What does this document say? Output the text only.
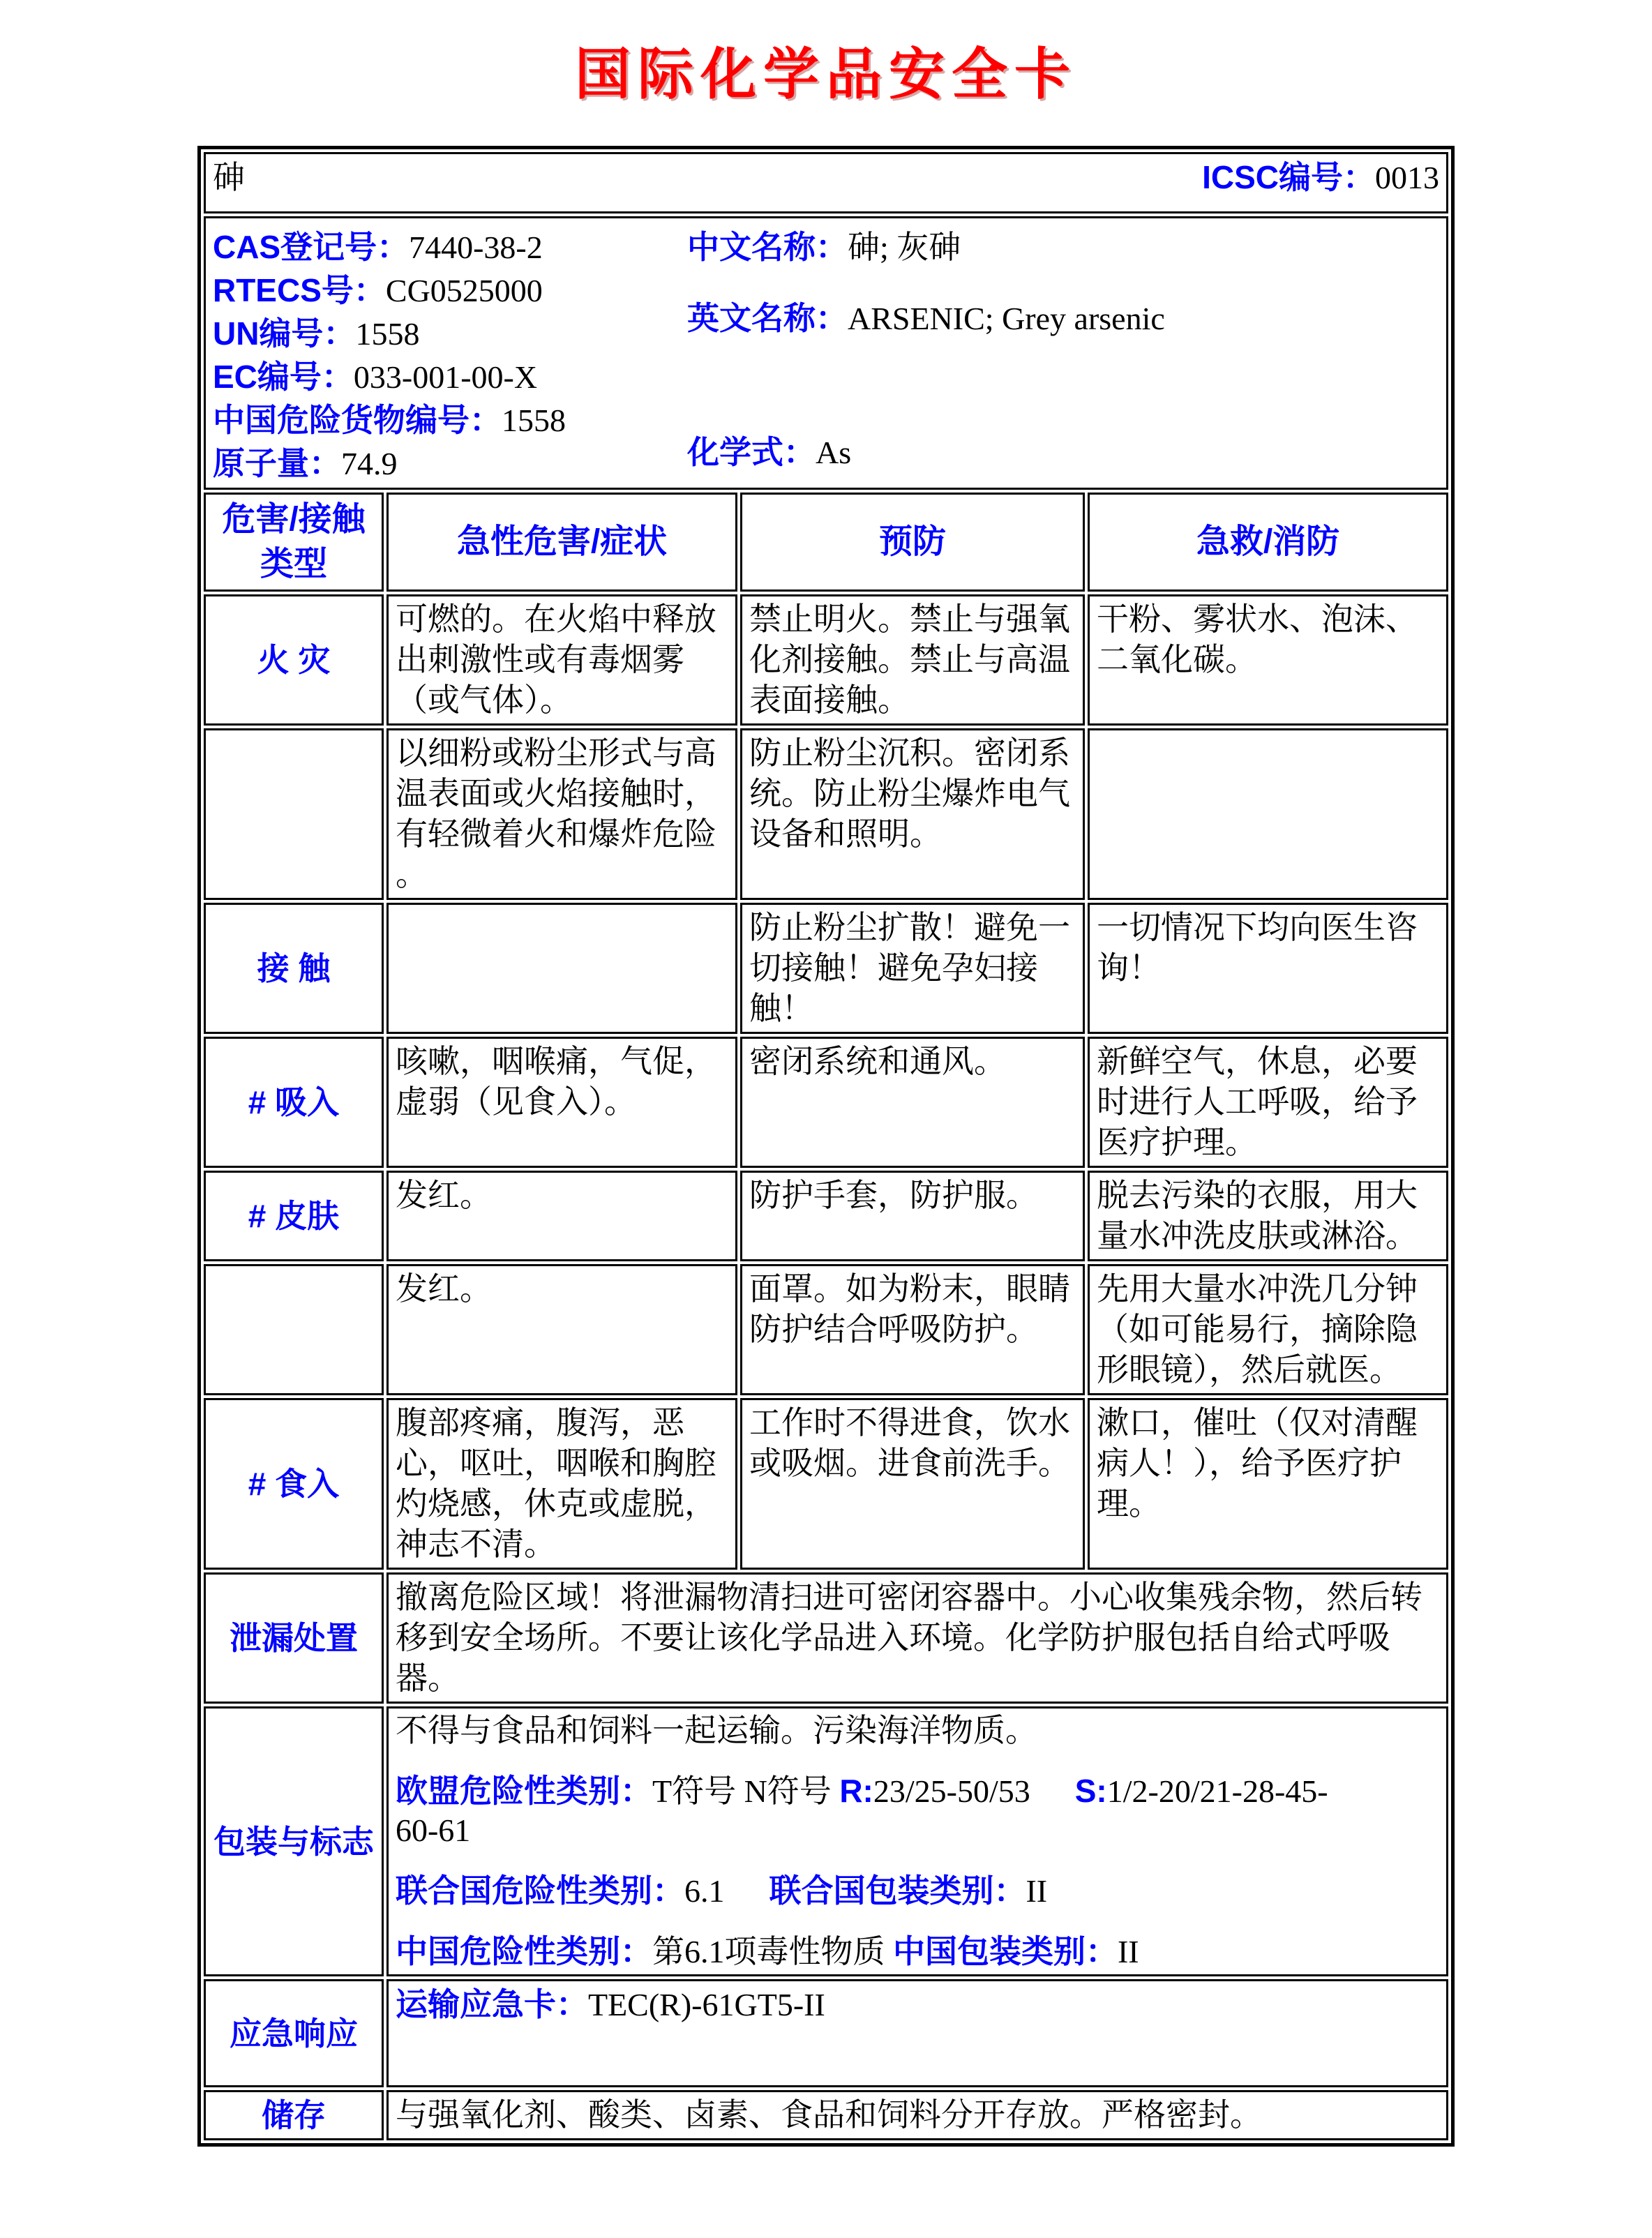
国际化学品安全卡
砷 ICSC编号：0013			

CAS登记号：7440-38-2
RTECS号：CG0525000
UN编号：1558
EC编号：033-001-00-X
中国危险货物编号：1558
原子量：74.9
中文名称：砷; 灰砷
英文名称：ARSENIC; Grey arsenic
化学式：As

危害/接触
类型	急性危害/症状	预防	急救/消防
火 灾	可燃的。在火焰中释放出刺激性或有毒烟雾（或气体）。	禁止明火。禁止与强氧化剂接触。禁止与高温表面接触。	干粉、雾状水、泡沫、二氧化碳。
	以细粉或粉尘形式与高温表面或火焰接触时，有轻微着火和爆炸危险 。	防止粉尘沉积。密闭系统。防止粉尘爆炸电气设备和照明。	
接 触		防止粉尘扩散！避免一切接触！避免孕妇接触！	一切情况下均向医生咨询！
# 吸入	咳嗽，咽喉痛，气促，虚弱（见食入）。	密闭系统和通风。	新鲜空气，休息，必要时进行人工呼吸，给予医疗护理。
# 皮肤	发红。	防护手套，防护服。	脱去污染的衣服，用大量水冲洗皮肤或淋浴。
	发红。	面罩。如为粉末，眼睛防护结合呼吸防护。	先用大量水冲洗几分钟（如可能易行，摘除隐形眼镜），然后就医。
# 食入	腹部疼痛，腹泻，恶心，呕吐，咽喉和胸腔灼烧感，休克或虚脱，神志不清。	工作时不得进食，饮水或吸烟。进食前洗手。	漱口，催吐（仅对清醒病人！），给予医疗护理。
泄漏处置	撤离危险区域！将泄漏物清扫进可密闭容器中。小心收集残余物，然后转移到安全场所。不要让该化学品进入环境。化学防护服包括自给式呼吸器。		
包装与标志	不得与食品和饲料一起运输。污染海洋物质。

欧盟危险性类别：T符号 N符号 R:23/25-50/53 S:1/2-20/21-28-45-

60-61

联合国危险性类别：6.1 联合国包装类别：II

中国危险性类别：第6.1项毒性物质 中国包装类别：II		

应急响应	运输应急卡：TEC(R)-61GT5-II		
储存	与强氧化剂、酸类、卤素、食品和饲料分开存放。严格密封。		
